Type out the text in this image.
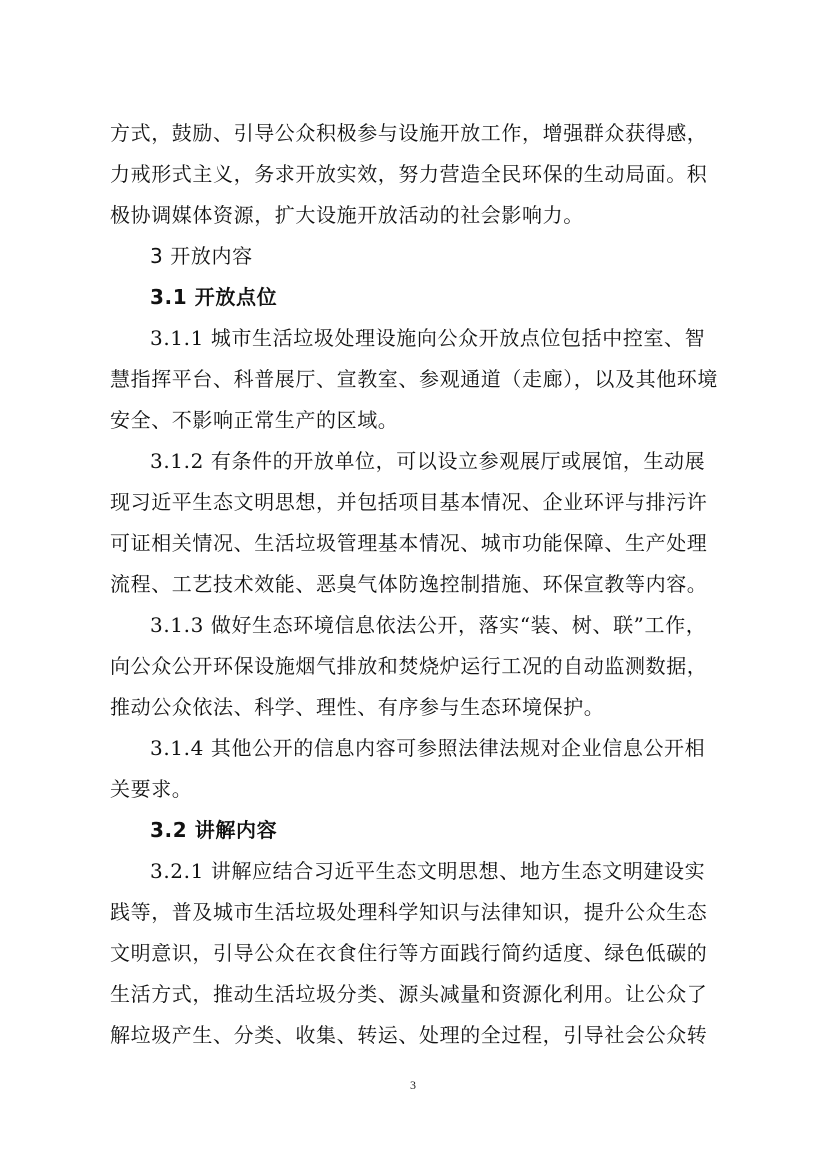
方式，鼓励、引导公众积极参与设施开放工作，增强群众获得感，
力戒形式主义，务求开放实效，努力营造全民环保的生动局面。积
极协调媒体资源，扩大设施开放活动的社会影响力。
3 开放内容
3.1 开放点位
3.1.1 城市生活垃圾处理设施向公众开放点位包括中控室、智
慧指挥平台、科普展厅、宣教室、参观通道（走廊），以及其他环境
安全、不影响正常生产的区域。
3.1.2 有条件的开放单位，可以设立参观展厅或展馆，生动展
现习近平生态文明思想，并包括项目基本情况、企业环评与排污许
可证相关情况、生活垃圾管理基本情况、城市功能保障、生产处理
流程、工艺技术效能、恶臭气体防逸控制措施、环保宣教等内容。
3.1.3 做好生态环境信息依法公开，落实“装、树、联”工作，
向公众公开环保设施烟气排放和焚烧炉运行工况的自动监测数据，
推动公众依法、科学、理性、有序参与生态环境保护。
3.1.4 其他公开的信息内容可参照法律法规对企业信息公开相
关要求。
3.2 讲解内容
3.2.1 讲解应结合习近平生态文明思想、地方生态文明建设实
践等，普及城市生活垃圾处理科学知识与法律知识，提升公众生态
文明意识，引导公众在衣食住行等方面践行简约适度、绿色低碳的
生活方式，推动生活垃圾分类、源头减量和资源化利用。让公众了
解垃圾产生、分类、收集、转运、处理的全过程，引导社会公众转
3
